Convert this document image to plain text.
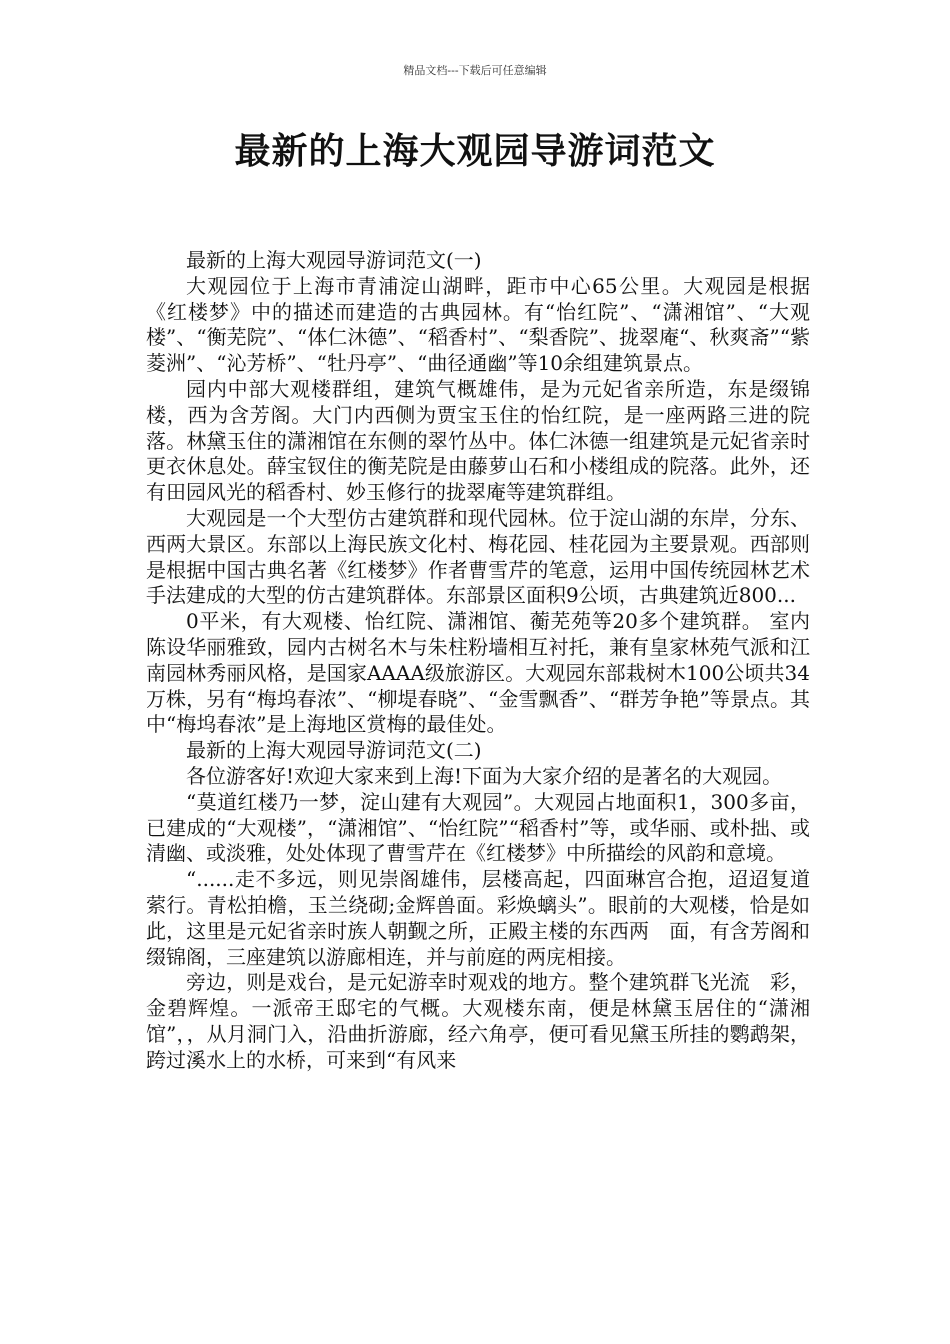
精品文档---下载后可任意编辑
最新的上海大观园导游词范文

最新的上海大观园导游词范文(一)

大观园位于上海市青浦淀山湖畔，距市中心65公里。大观园是根据《红楼梦》中的描述而建造的古典园林。有“怡红院”、“潇湘馆”、“大观楼”、“衡芜院”、“体仁沐德”、“稻香村”、“梨香院”、拢翠庵“、秋爽斋”“紫菱洲”、“沁芳桥”、“牡丹亭”、“曲径通幽”等10余组建筑景点。

园内中部大观楼群组，建筑气概雄伟，是为元妃省亲所造，东是缀锦楼，西为含芳阁。大门内西侧为贾宝玉住的怡红院，是一座两路三进的院落。林黛玉住的潇湘馆在东侧的翠竹丛中。体仁沐德一组建筑是元妃省亲时更衣休息处。薛宝钗住的衡芜院是由藤萝山石和小楼组成的院落。此外，还有田园风光的稻香村、妙玉修行的拢翠庵等建筑群组。

大观园是一个大型仿古建筑群和现代园林。位于淀山湖的东岸，分东、西两大景区。东部以上海民族文化村、梅花园、桂花园为主要景观。西部则是根据中国古典名著《红楼梦》作者曹雪芹的笔意，运用中国传统园林艺术手法建成的大型的仿古建筑群体。东部景区面积9公顷，古典建筑近800...

0平米，有大观楼、怡红院、潇湘馆、蘅芜苑等20多个建筑群。 室内陈设华丽雅致，园内古树名木与朱柱粉墙相互衬托，兼有皇家林苑气派和江南园林秀丽风格，是国家AAAA级旅游区。大观园东部栽树木100公顷共34万株，另有“梅坞春浓”、“柳堤春晓”、“金雪飘香”、“群芳争艳”等景点。其中“梅坞春浓”是上海地区赏梅的最佳处。

最新的上海大观园导游词范文(二)

各位游客好!欢迎大家来到上海!下面为大家介绍的是著名的大观园。

“莫道红楼乃一梦，淀山建有大观园”。大观园占地面积1，300多亩，已建成的“大观楼”，“潇湘馆”、“怡红院”“稻香村”等，或华丽、或朴拙、或清幽、或淡雅，处处体现了曹雪芹在《红楼梦》中所描绘的风韵和意境。

“......走不多远，则见崇阁雄伟，层楼高起，四面琳宫合抱，迢迢复道萦行。青松拍檐，玉兰绕砌;金辉兽面。彩焕螭头”。眼前的大观楼，恰是如此，这里是元妃省亲时族人朝觐之所，正殿主楼的东西两　面，有含芳阁和缀锦阁，三座建筑以游廊相连，并与前庭的两庑相接。

旁边，则是戏台，是元妃游幸时观戏的地方。整个建筑群飞光流　彩，金碧辉煌。一派帝王邸宅的气概。大观楼东南，便是林黛玉居住的“潇湘馆”，，从月洞门入，沿曲折游廊，经六角亭，便可看见黛玉所挂的鹦鹉架，跨过溪水上的水桥，可来到“有风来
